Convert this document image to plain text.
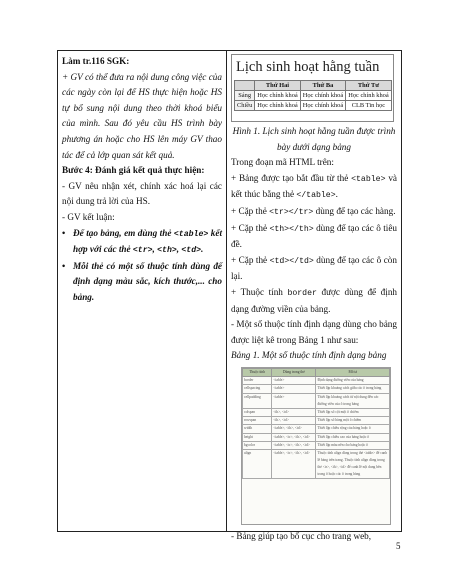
Làm tr.116 SGK:

+ GV có thể đưa ra nội dung công việc của các ngày còn lại để HS thực hiện hoặc HS tự bổ sung nội dung theo thời khoá biểu của mình. Sau đó yêu cầu HS trình bày phương án hoặc cho HS lên máy GV thao tác để cả lớp quan sát kết quả.

Bước 4: Đánh giá kết quả thực hiện:

- GV nêu nhận xét, chính xác hoá lại các nội dung trả lời của HS.

- GV kết luận:

• Để tạo bảng, em dùng thẻ <table> kết hợp với các thẻ <tr>, <th>, <td>.
• Mỗi thẻ có một số thuộc tính dùng để định dạng màu sắc, kích thước,... cho bảng.
Lịch sinh hoạt hằng tuần
	Thứ Hai	Thứ Ba	Thứ Tư
Sáng	Học chính khoá	Học chính khoá	Học chính khoá
Chiều	Học chính khoá	Học chính khoá	CLB Tin học

Hình 1. Lịch sinh hoạt hằng tuần được trình bày dưới dạng bảng

Trong đoạn mã HTML trên:

+ Bảng được tạo bắt đầu từ thẻ <table> và kết thúc bằng thẻ </table>.

+ Cặp thẻ <tr></tr> dùng để tạo các hàng.

+ Cặp thẻ <th></th> dùng để tạo các ô tiêu đề.

+ Cặp thẻ <td></td> dùng để tạo các ô còn lại.

+ Thuộc tính border được dùng để định dạng đường viền của bảng.

- Một số thuộc tính định dạng dùng cho bảng được liệt kê trong Bảng 1 như sau:

Bảng 1. Một số thuộc tính định dạng bảng

Thuộc tính	Dùng trong thẻ	Mô tả
border	<table>	Định dạng đường viền của bảng
cellspacing	<table>	Thiết lập khoảng cách giữa các ô trong bảng
cellpadding	<table>	Thiết lập khoảng cách từ nội dung đến các đường viền của ô trong bảng
colspan	<th>, <td>	Thiết lập số cột một ô chiếm
rowspan	<th>, <td>	Thiết lập số hàng một ô chiếm
width	<table>, <th>, <td>	Thiết lập chiều rộng của bảng hoặc ô
height	<table>, <tr>, <th>, <td>	Thiết lập chiều cao của bảng hoặc ô
bgcolor	<table>, <tr>, <th>, <td>	Thiết lập màu nền cho bảng hoặc ô
align	<table>, <tr>, <th>, <td>	Thuộc tính align dùng trong thẻ <table> để canh lề bảng trên trang. Thuộc tính align dùng trong thẻ <tr>, <th>, <td> để canh lề nội dung bên trong ô hoặc các ô trong hàng

- Bảng giúp tạo bố cục cho trang web,

5
